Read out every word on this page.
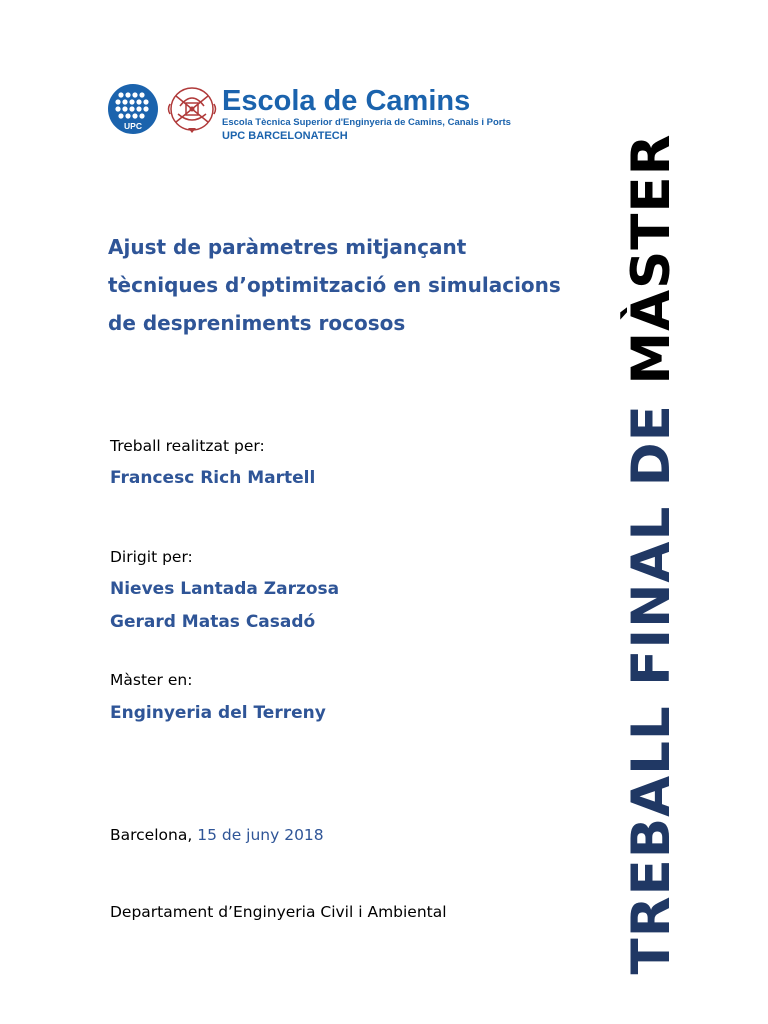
UPC
Escola de Camins
Escola Tècnica Superior d'Enginyeria de Camins, Canals i Ports
UPC BARCELONATECH
Ajust de paràmetres mitjançant
tècniques d’optimització en simulacions
de despreniments rocosos
Treball realitzat per:
Francesc Rich Martell
Dirigit per:
Nieves Lantada Zarzosa
Gerard Matas Casadó
Màster en:
Enginyeria del Terreny
Barcelona, 15 de juny 2018
Departament d’Enginyeria Civil i Ambiental	TREBALL FINAL DE MÀSTER
